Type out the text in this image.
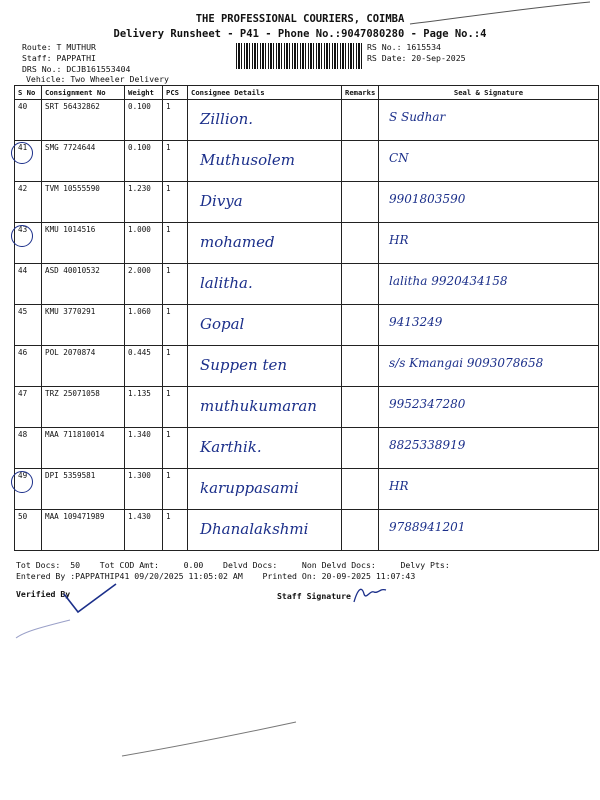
THE PROFESSIONAL COURIERS, COIMBA
Delivery Runsheet - P41 - Phone No.:9047080280 - Page No.:4
Route: T MUTHUR
Staff: PAPPATHI
DRS No.: DCJB161553404
Vehicle: Two Wheeler Delivery
RS No.: 1615534
RS Date: 20-Sep-2025
S No	Consignment No	Weight	PCS	Consignee Details	Remarks	Seal & Signature
40	SRT 56432862	0.100	1	Zillion.		S Sudhar

41	SMG 7724644	0.100	1	Muthusolem		CN

42	TVM 10555590	1.230	1	Divya		9901803590

43	KMU 1014516	1.000	1	mohamed		HR

44	ASD 40010532	2.000	1	lalitha.		lalitha 9920434158

45	KMU 3770291	1.060	1	Gopal		9413249

46	POL 2070874	0.445	1	Suppen ten		s/s Kmangai 9093078658

47	TRZ 25071058	1.135	1	muthukumaran		9952347280

48	MAA 711810014	1.340	1	Karthik.		8825338919

49	DPI 5359581	1.300	1	karuppasami		HR

50	MAA 109471989	1.430	1	Dhanalakshmi		9788941201
Tot Docs:  50    Tot COD Amt:     0.00    Delvd Docs:     Non Delvd Docs:     Delvy Pts:
Entered By :PAPPATHIP41 09/20/2025 11:05:02 AM    Printed On: 20-09-2025 11:07:43
Verified By	Staff Signature
